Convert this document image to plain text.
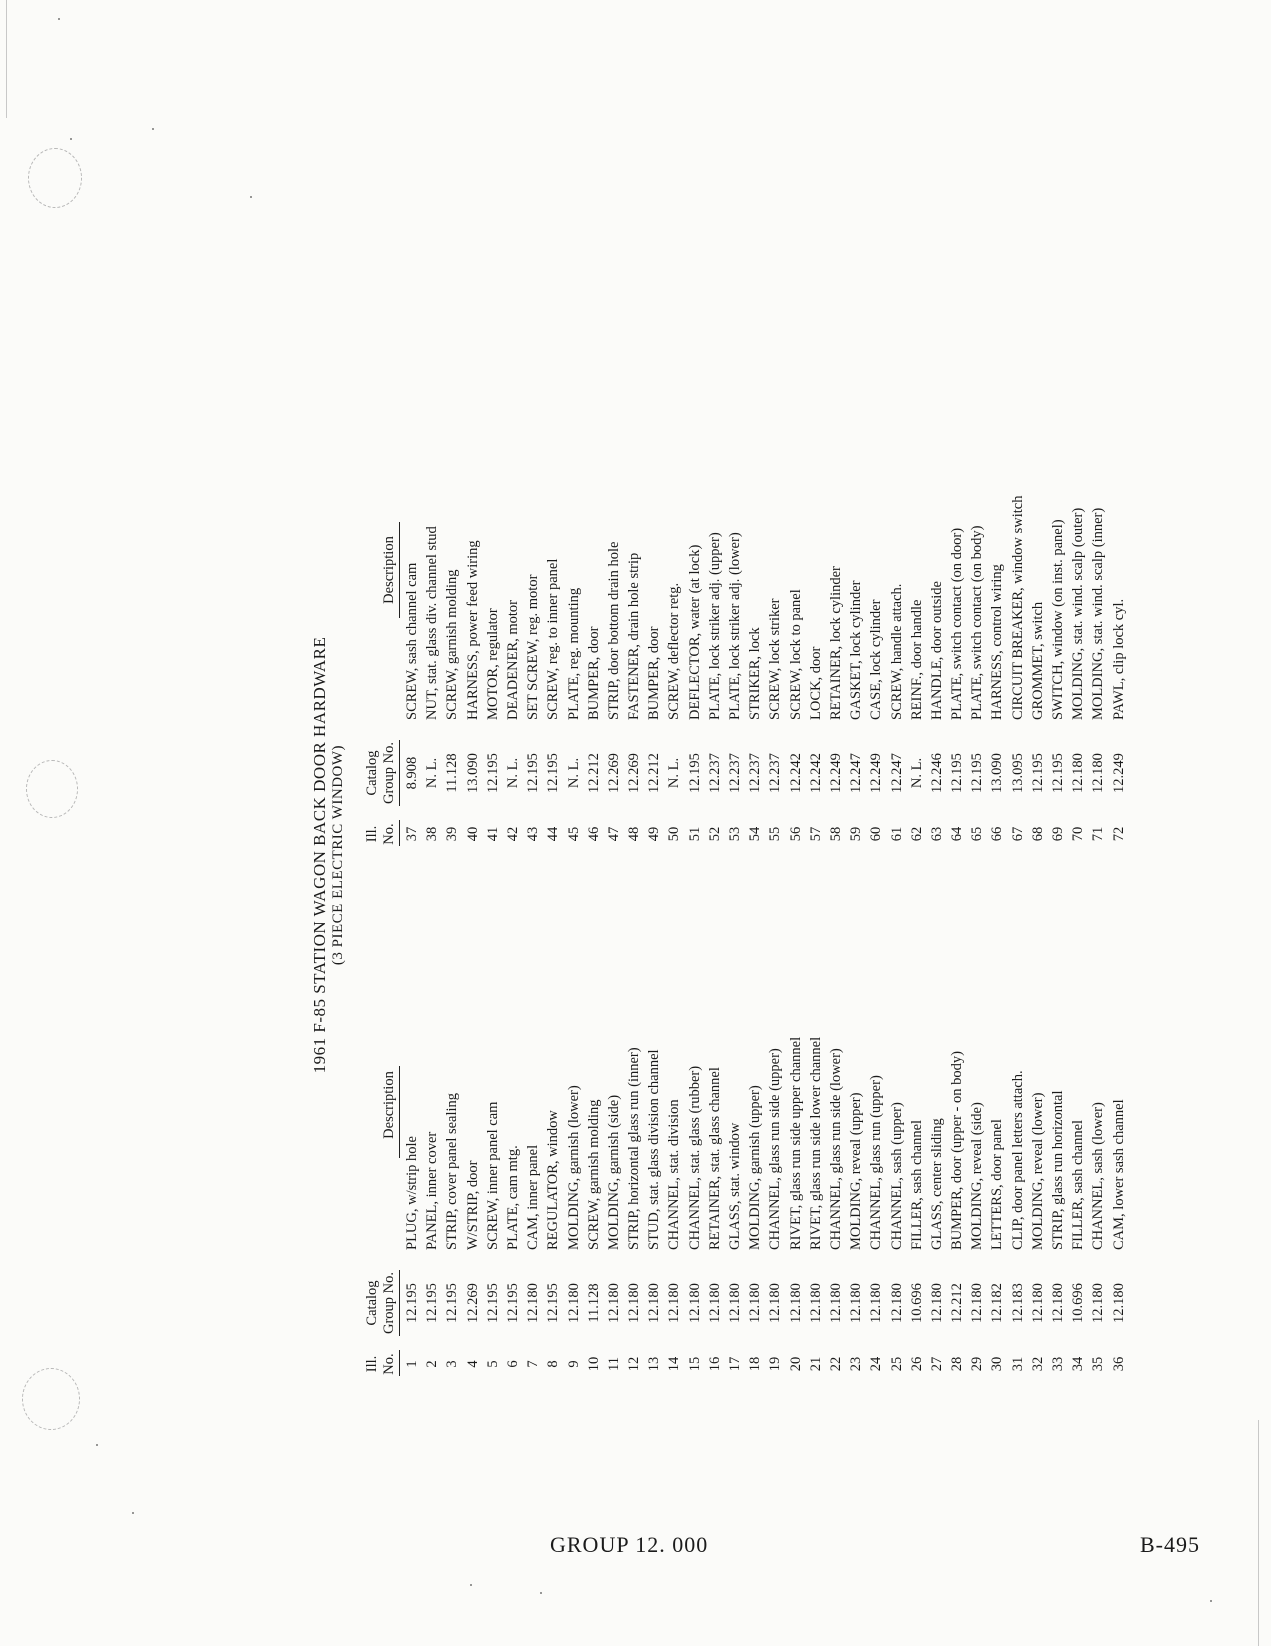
1961 F-85 STATION WAGON BACK DOOR HARDWARE (3 PIECE ELECTRIC WINDOW)
Ill. No.
Catalog Group No.
Description
Ill. No.
Catalog Group No.
Description
1
12.195
PLUG, w/strip hole
2
12.195
PANEL, inner cover
3
12.195
STRIP, cover panel sealing
4
12.269
W/STRIP, door
5
12.195
SCREW, inner panel cam
6
12.195
PLATE, cam mtg.
7
12.180
CAM, inner panel
8
12.195
REGULATOR, window
9
12.180
MOLDING, garnish (lower)
10
11.128
SCREW, garnish molding
11
12.180
MOLDING, garnish (side)
12
12.180
STRIP, horizontal glass run (inner)
13
12.180
STUD, stat. glass division channel
14
12.180
CHANNEL, stat. division
15
12.180
CHANNEL, stat. glass (rubber)
16
12.180
RETAINER, stat. glass channel
17
12.180
GLASS, stat. window
18
12.180
MOLDING, garnish (upper)
19
12.180
CHANNEL, glass run side (upper)
20
12.180
RIVET, glass run side upper channel
21
12.180
RIVET, glass run side lower channel
22
12.180
CHANNEL, glass run side (lower)
23
12.180
MOLDING, reveal (upper)
24
12.180
CHANNEL, glass run (upper)
25
12.180
CHANNEL, sash (upper)
26
10.696
FILLER, sash channel
27
12.180
GLASS, center sliding
28
12.212
BUMPER, door (upper - on body)
29
12.180
MOLDING, reveal (side)
30
12.182
LETTERS, door panel
31
12.183
CLIP, door panel letters attach.
32
12.180
MOLDING, reveal (lower)
33
12.180
STRIP, glass run horizontal
34
10.696
FILLER, sash channel
35
12.180
CHANNEL, sash (lower)
36
12.180
CAM, lower sash channel
37
8.908
SCREW, sash channel cam
38
N. L.
NUT, stat. glass div. channel stud
39
11.128
SCREW, garnish molding
40
13.090
HARNESS, power feed wiring
41
12.195
MOTOR, regulator
42
N. L.
DEADENER, motor
43
12.195
SET SCREW, reg. motor
44
12.195
SCREW, reg. to inner panel
45
N. L.
PLATE, reg. mounting
46
12.212
BUMPER, door
47
12.269
STRIP, door bottom drain hole
48
12.269
FASTENER, drain hole strip
49
12.212
BUMPER, door
50
N. L.
SCREW, deflector retg.
51
12.195
DEFLECTOR, water (at lock)
52
12.237
PLATE, lock striker adj. (upper)
53
12.237
PLATE, lock striker adj. (lower)
54
12.237
STRIKER, lock
55
12.237
SCREW, lock striker
56
12.242
SCREW, lock to panel
57
12.242
LOCK, door
58
12.249
RETAINER, lock cylinder
59
12.247
GASKET, lock cylinder
60
12.249
CASE, lock cylinder
61
12.247
SCREW, handle attach.
62
N. L.
REINF., door handle
63
12.246
HANDLE, door outside
64
12.195
PLATE, switch contact (on door)
65
12.195
PLATE, switch contact (on body)
66
13.090
HARNESS, control wiring
67
13.095
CIRCUIT BREAKER, window switch
68
12.195
GROMMET, switch
69
12.195
SWITCH, window (on inst. panel)
70
12.180
MOLDING, stat. wind. scalp (outer)
71
12.180
MOLDING, stat. wind. scalp (inner)
72
12.249
PAWL, clip lock cyl.
GROUP 12. 000	B-495
